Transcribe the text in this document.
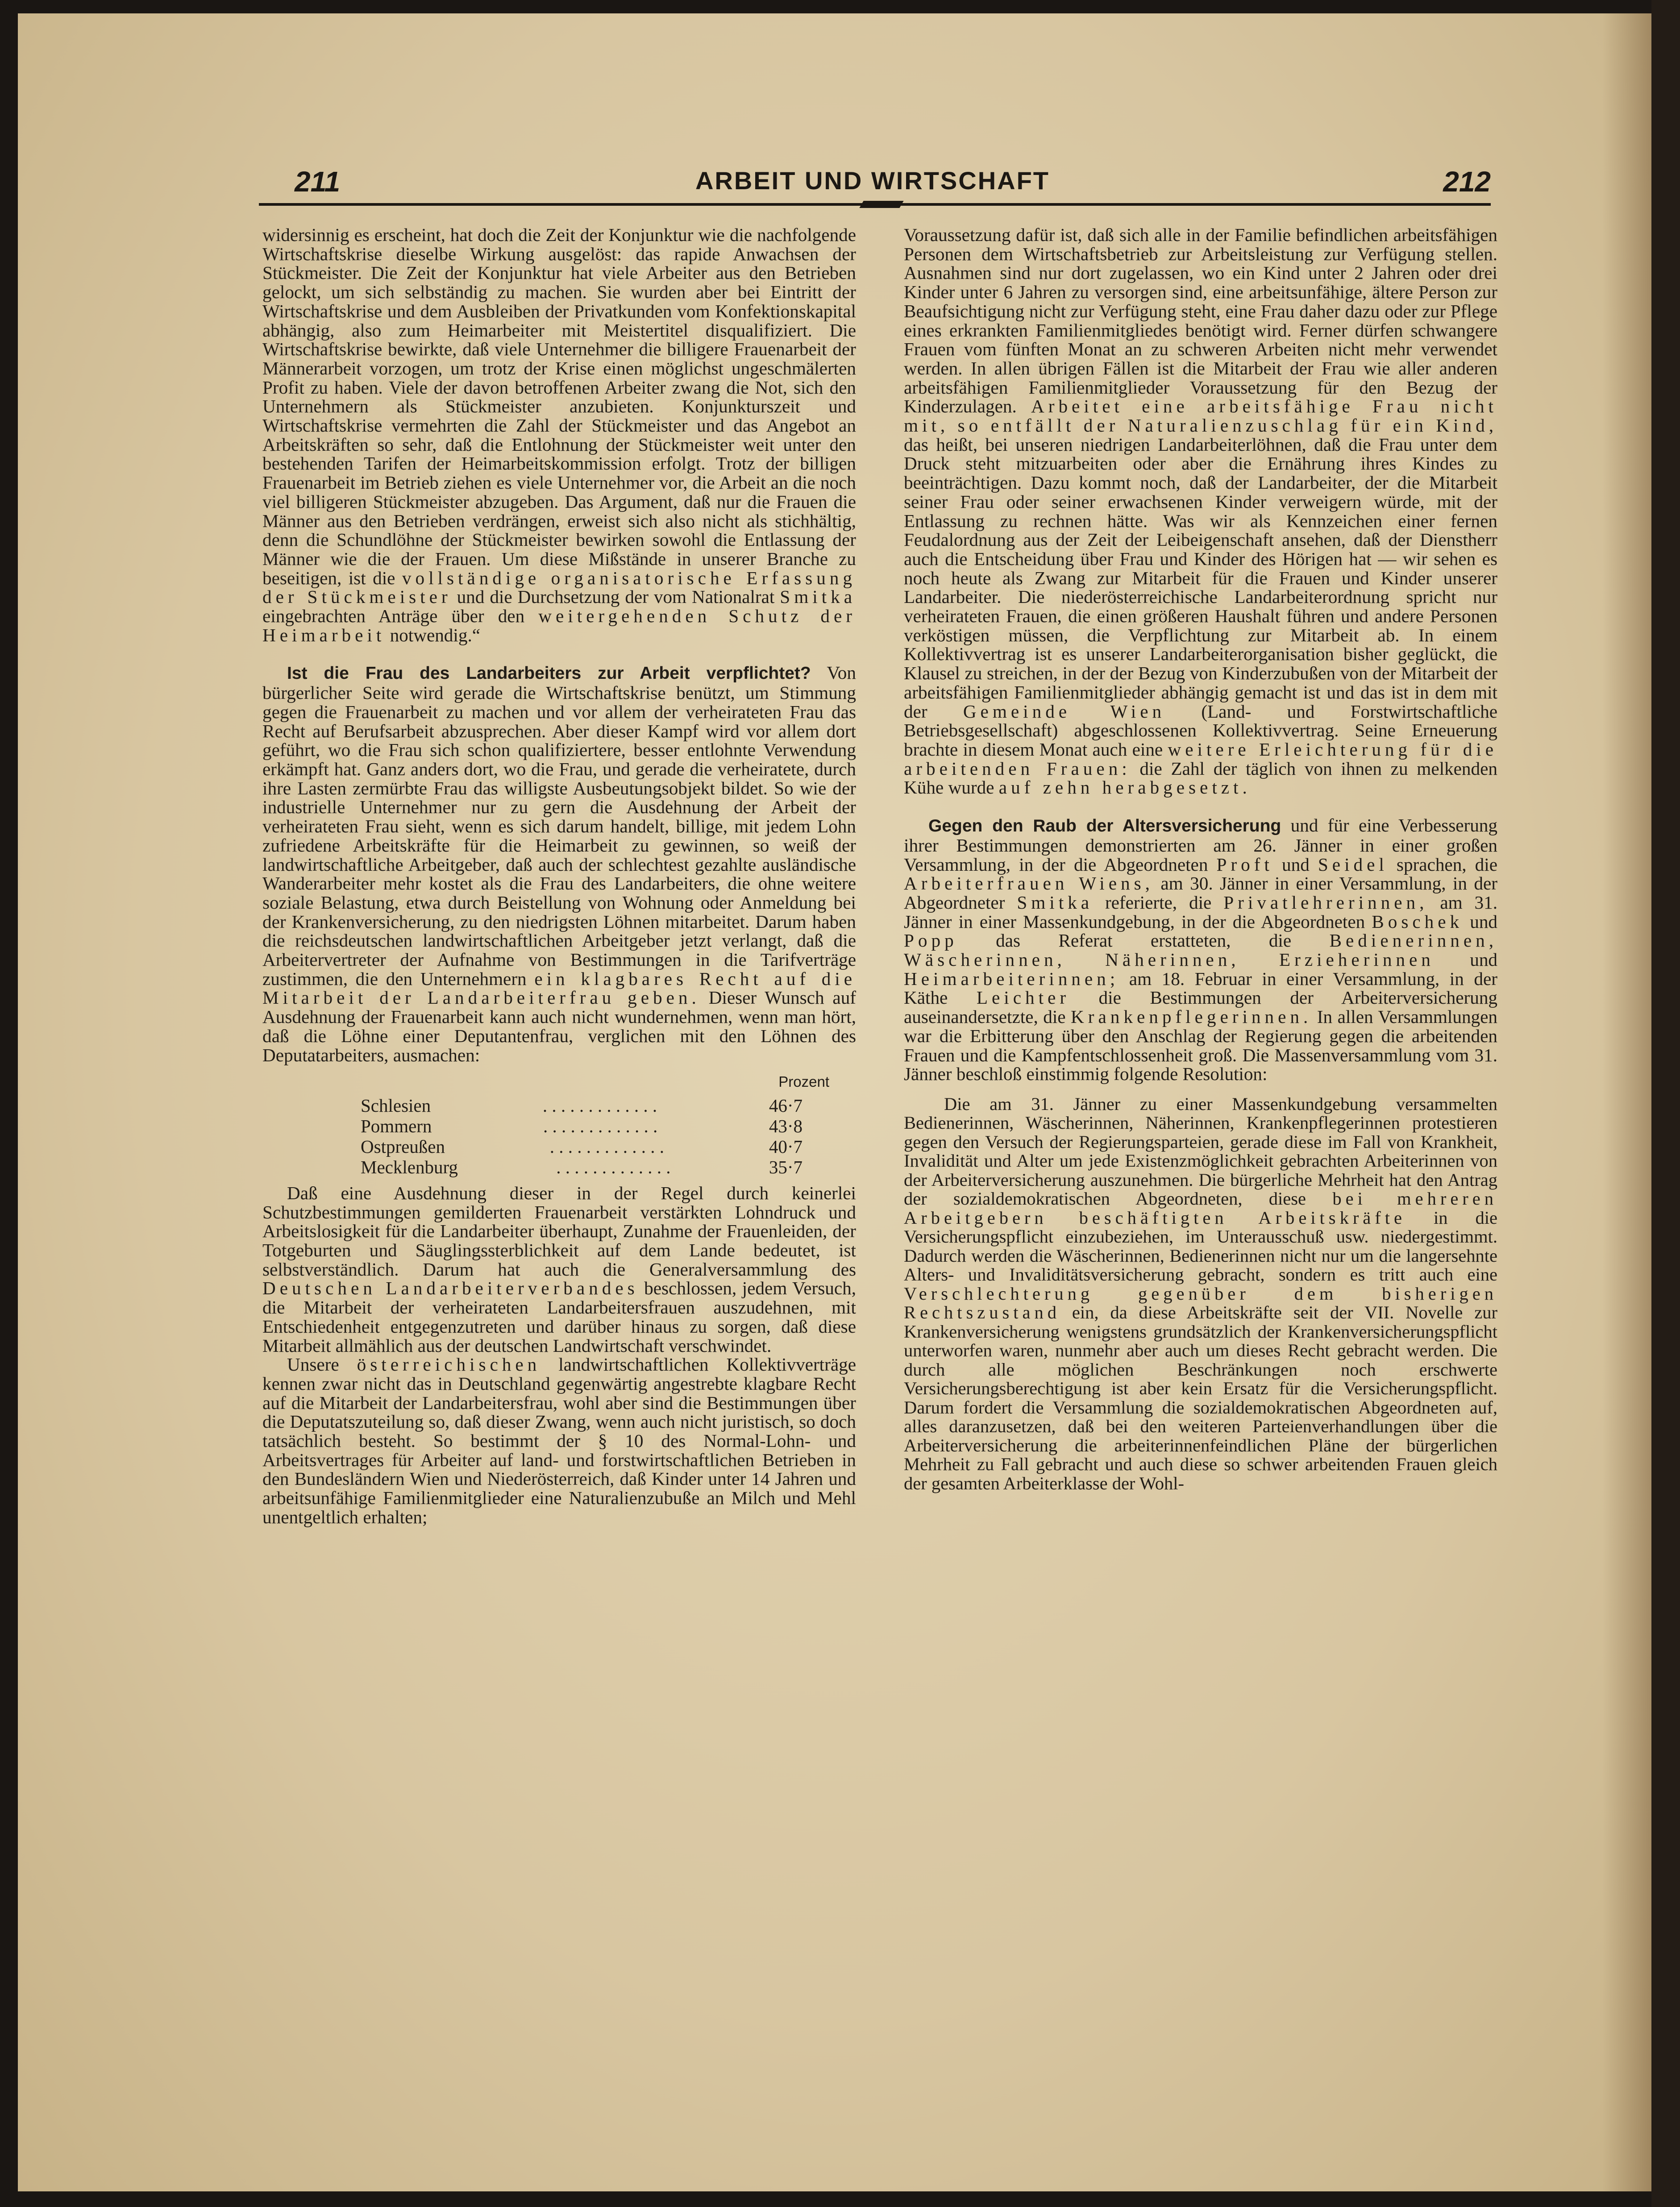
211	ARBEIT UND WIRTSCHAFT	212

widersinnig es erscheint, hat doch die Zeit der Konjunktur wie die nachfolgende Wirtschaftskrise dieselbe Wirkung ausgelöst: das rapide Anwachsen der Stückmeister. Die Zeit der Konjunktur hat viele Arbeiter aus den Betrieben gelockt, um sich selbständig zu machen. Sie wurden aber bei Eintritt der Wirtschaftskrise und dem Ausbleiben der Privatkunden vom Konfektionskapital abhängig, also zum Heimarbeiter mit Meistertitel disqualifiziert. Die Wirtschaftskrise bewirkte, daß viele Unternehmer die billigere Frauenarbeit der Männerarbeit vorzogen, um trotz der Krise einen möglichst ungeschmälerten Profit zu haben. Viele der davon betroffenen Arbeiter zwang die Not, sich den Unternehmern als Stückmeister anzubieten. Konjunkturszeit und Wirtschaftskrise vermehrten die Zahl der Stückmeister und das Angebot an Arbeitskräften so sehr, daß die Entlohnung der Stückmeister weit unter den bestehenden Tarifen der Heimarbeitskommission erfolgt. Trotz der billigen Frauenarbeit im Betrieb ziehen es viele Unternehmer vor, die Arbeit an die noch viel billigeren Stückmeister abzugeben. Das Argument, daß nur die Frauen die Männer aus den Betrieben verdrängen, erweist sich also nicht als stichhältig, denn die Schundlöhne der Stückmeister bewirken sowohl die Entlassung der Männer wie die der Frauen. Um diese Mißstände in unserer Branche zu beseitigen, ist die vollständige organisatorische Erfassung der Stückmeister und die Durchsetzung der vom Nationalrat Smitka eingebrachten Anträge über den weitergehenden Schutz der Heimarbeit notwendig.“

Ist die Frau des Landarbeiters zur Arbeit verpflichtet? Von bürgerlicher Seite wird gerade die Wirtschaftskrise benützt, um Stimmung gegen die Frauenarbeit zu machen und vor allem der verheirateten Frau das Recht auf Berufsarbeit abzusprechen. Aber dieser Kampf wird vor allem dort geführt, wo die Frau sich schon qualifiziertere, besser entlohnte Verwendung erkämpft hat. Ganz anders dort, wo die Frau, und gerade die verheiratete, durch ihre Lasten zermürbte Frau das willigste Ausbeutungsobjekt bildet. So wie der industrielle Unternehmer nur zu gern die Ausdehnung der Arbeit der verheirateten Frau sieht, wenn es sich darum handelt, billige, mit jedem Lohn zufriedene Arbeitskräfte für die Heimarbeit zu gewinnen, so weiß der landwirtschaftliche Arbeitgeber, daß auch der schlechtest gezahlte ausländische Wanderarbeiter mehr kostet als die Frau des Landarbeiters, die ohne weitere soziale Belastung, etwa durch Beistellung von Wohnung oder Anmeldung bei der Krankenversicherung, zu den niedrigsten Löhnen mitarbeitet. Darum haben die reichsdeutschen landwirtschaftlichen Arbeitgeber jetzt verlangt, daß die Arbeitervertreter der Aufnahme von Bestimmungen in die Tarifverträge zustimmen, die den Unternehmern ein klagbares Recht auf die Mitarbeit der Landarbeiterfrau geben. Dieser Wunsch auf Ausdehnung der Frauenarbeit kann auch nicht wundernehmen, wenn man hört, daß die Löhne einer Deputantenfrau, verglichen mit den Löhnen des Deputatarbeiters, ausmachen:

Prozent
Schlesien	. . . . . . . . . . . . .	46·7
Pommern	. . . . . . . . . . . . .	43·8
Ostpreußen	. . . . . . . . . . . . .	40·7
Mecklenburg	. . . . . . . . . . . . .	35·7

Daß eine Ausdehnung dieser in der Regel durch keinerlei Schutzbestimmungen gemilderten Frauenarbeit verstärkten Lohndruck und Arbeitslosigkeit für die Landarbeiter überhaupt, Zunahme der Frauenleiden, der Totgeburten und Säuglingssterblichkeit auf dem Lande bedeutet, ist selbstverständlich. Darum hat auch die Generalversammlung des Deutschen Landarbeiterverbandes beschlossen, jedem Versuch, die Mitarbeit der verheirateten Landarbeitersfrauen auszudehnen, mit Entschiedenheit entgegenzutreten und darüber hinaus zu sorgen, daß diese Mitarbeit allmählich aus der deutschen Landwirtschaft verschwindet.

Unsere österreichischen landwirtschaftlichen Kollektivverträge kennen zwar nicht das in Deutschland gegenwärtig angestrebte klagbare Recht auf die Mitarbeit der Landarbeitersfrau, wohl aber sind die Bestimmungen über die Deputatszuteilung so, daß dieser Zwang, wenn auch nicht juristisch, so doch tatsächlich besteht. So bestimmt der § 10 des Normal-Lohn- und Arbeitsvertrages für Arbeiter auf land- und forstwirtschaftlichen Betrieben in den Bundesländern Wien und Niederösterreich, daß Kinder unter 14 Jahren und arbeitsunfähige Familienmitglieder eine Naturalienzubuße an Milch und Mehl unentgeltlich erhalten;

Voraussetzung dafür ist, daß sich alle in der Familie befindlichen arbeitsfähigen Personen dem Wirtschaftsbetrieb zur Arbeitsleistung zur Verfügung stellen. Ausnahmen sind nur dort zugelassen, wo ein Kind unter 2 Jahren oder drei Kinder unter 6 Jahren zu versorgen sind, eine arbeitsunfähige, ältere Person zur Beaufsichtigung nicht zur Verfügung steht, eine Frau daher dazu oder zur Pflege eines erkrankten Familienmitgliedes benötigt wird. Ferner dürfen schwangere Frauen vom fünften Monat an zu schweren Arbeiten nicht mehr verwendet werden. In allen übrigen Fällen ist die Mitarbeit der Frau wie aller anderen arbeitsfähigen Familienmitglieder Voraussetzung für den Bezug der Kinderzulagen. Arbeitet eine arbeitsfähige Frau nicht mit, so entfällt der Naturalienzuschlag für ein Kind, das heißt, bei unseren niedrigen Landarbeiterlöhnen, daß die Frau unter dem Druck steht mitzuarbeiten oder aber die Ernährung ihres Kindes zu beeinträchtigen. Dazu kommt noch, daß der Landarbeiter, der die Mitarbeit seiner Frau oder seiner erwachsenen Kinder verweigern würde, mit der Entlassung zu rechnen hätte. Was wir als Kennzeichen einer fernen Feudalordnung aus der Zeit der Leibeigenschaft ansehen, daß der Dienstherr auch die Entscheidung über Frau und Kinder des Hörigen hat — wir sehen es noch heute als Zwang zur Mitarbeit für die Frauen und Kinder unserer Landarbeiter. Die niederösterreichische Landarbeiterordnung spricht nur verheirateten Frauen, die einen größeren Haushalt führen und andere Personen verköstigen müssen, die Verpflichtung zur Mitarbeit ab. In einem Kollektivvertrag ist es unserer Landarbeiterorganisation bisher geglückt, die Klausel zu streichen, in der der Bezug von Kinderzubußen von der Mitarbeit der arbeitsfähigen Familienmitglieder abhängig gemacht ist und das ist in dem mit der Gemeinde Wien (Land- und Forstwirtschaftliche Betriebsgesellschaft) abgeschlossenen Kollektivvertrag. Seine Erneuerung brachte in diesem Monat auch eine weitere Erleichterung für die arbeitenden Frauen: die Zahl der täglich von ihnen zu melkenden Kühe wurde auf zehn herabgesetzt.

Gegen den Raub der Altersversicherung und für eine Verbesserung ihrer Bestimmungen demonstrierten am 26. Jänner in einer großen Versammlung, in der die Abgeordneten Proft und Seidel sprachen, die Arbeiterfrauen Wiens, am 30. Jänner in einer Versammlung, in der Abgeordneter Smitka referierte, die Privatlehrerinnen, am 31. Jänner in einer Massenkundgebung, in der die Abgeordneten Boschek und Popp das Referat erstatteten, die Bedienerinnen, Wäscherinnen, Näherinnen, Erzieherinnen und Heimarbeiterinnen; am 18. Februar in einer Versammlung, in der Käthe Leichter die Bestimmungen der Arbeiterversicherung auseinandersetzte, die Krankenpflegerinnen. In allen Versammlungen war die Erbitterung über den Anschlag der Regierung gegen die arbeitenden Frauen und die Kampfentschlossenheit groß. Die Massenversammlung vom 31. Jänner beschloß einstimmig folgende Resolution:

Die am 31. Jänner zu einer Massenkundgebung versammelten Bedienerinnen, Wäscherinnen, Näherinnen, Krankenpflegerinnen protestieren gegen den Versuch der Regierungsparteien, gerade diese im Fall von Krankheit, Invalidität und Alter um jede Existenzmöglichkeit gebrachten Arbeiterinnen von der Arbeiterversicherung auszunehmen. Die bürgerliche Mehrheit hat den Antrag der sozialdemokratischen Abgeordneten, diese bei mehreren Arbeitgebern beschäftigten Arbeitskräfte in die Versicherungspflicht einzubeziehen, im Unterausschuß usw. niedergestimmt. Dadurch werden die Wäscherinnen, Bedienerinnen nicht nur um die langersehnte Alters- und Invaliditätsversicherung gebracht, sondern es tritt auch eine Verschlechterung gegenüber dem bisherigen Rechtszustand ein, da diese Arbeitskräfte seit der VII. Novelle zur Krankenversicherung wenigstens grundsätzlich der Krankenversicherungspflicht unterworfen waren, nunmehr aber auch um dieses Recht gebracht werden. Die durch alle möglichen Beschränkungen noch erschwerte Versicherungsberechtigung ist aber kein Ersatz für die Versicherungspflicht. Darum fordert die Versammlung die sozialdemokratischen Abgeordneten auf, alles daranzusetzen, daß bei den weiteren Parteienverhandlungen über die Arbeiterversicherung die arbeiterinnenfeindlichen Pläne der bürgerlichen Mehrheit zu Fall gebracht und auch diese so schwer arbeitenden Frauen gleich der gesamten Arbeiterklasse der Wohl-
